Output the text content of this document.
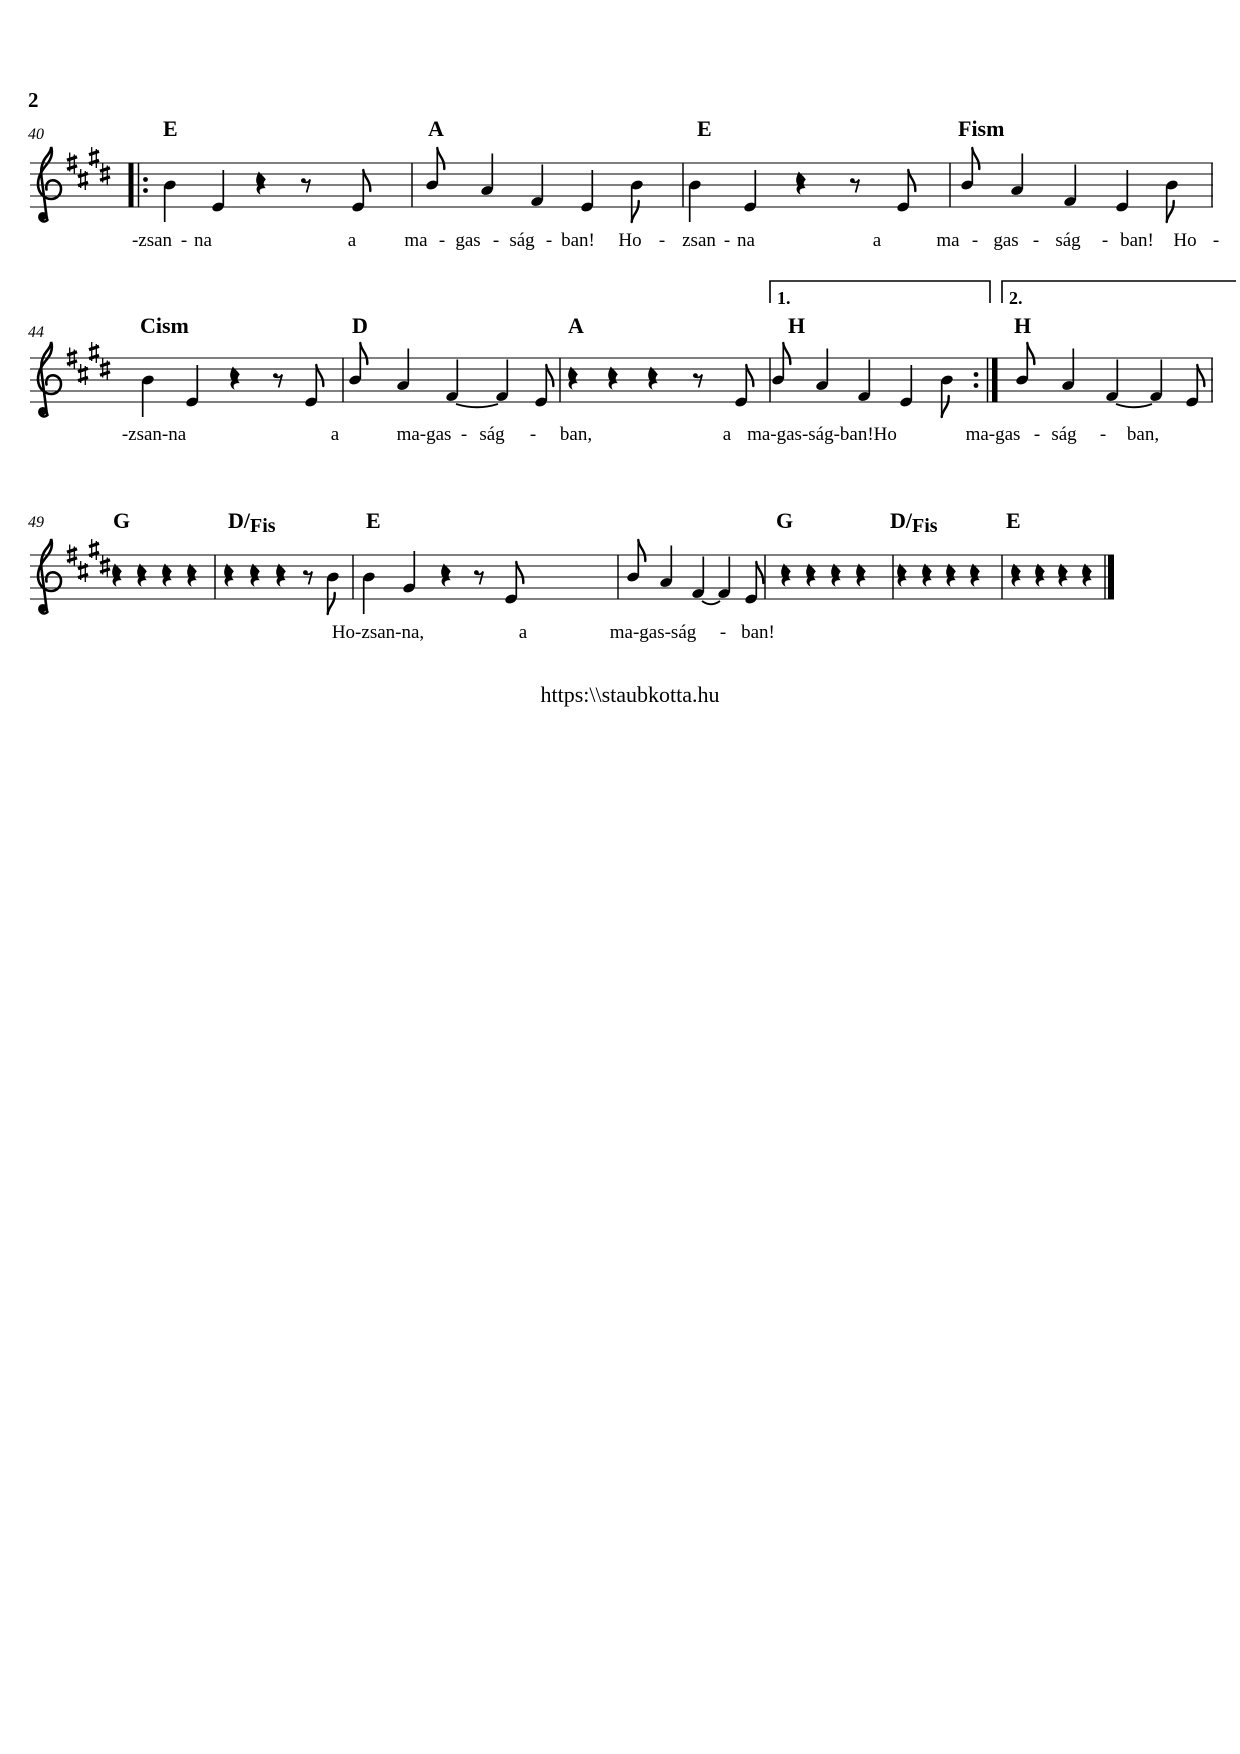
2
40	E	A	E	Fism
-zsan - na	a	ma - gas - ság - ban! Ho - zsan - na	a	ma - gas - ság - ban! Ho -
1.	2.
44	Cism	D	A	H	H
-zsan-na	a	ma-gas - ság - ban,	a ma-gas-ság-ban!Ho	ma-gas - ság - ban,
49	G	D/Fis	E	G	D/Fis	E
Ho-zsan-na,	a	ma-gas-ság - ban!
https:\\staubkotta.hu
